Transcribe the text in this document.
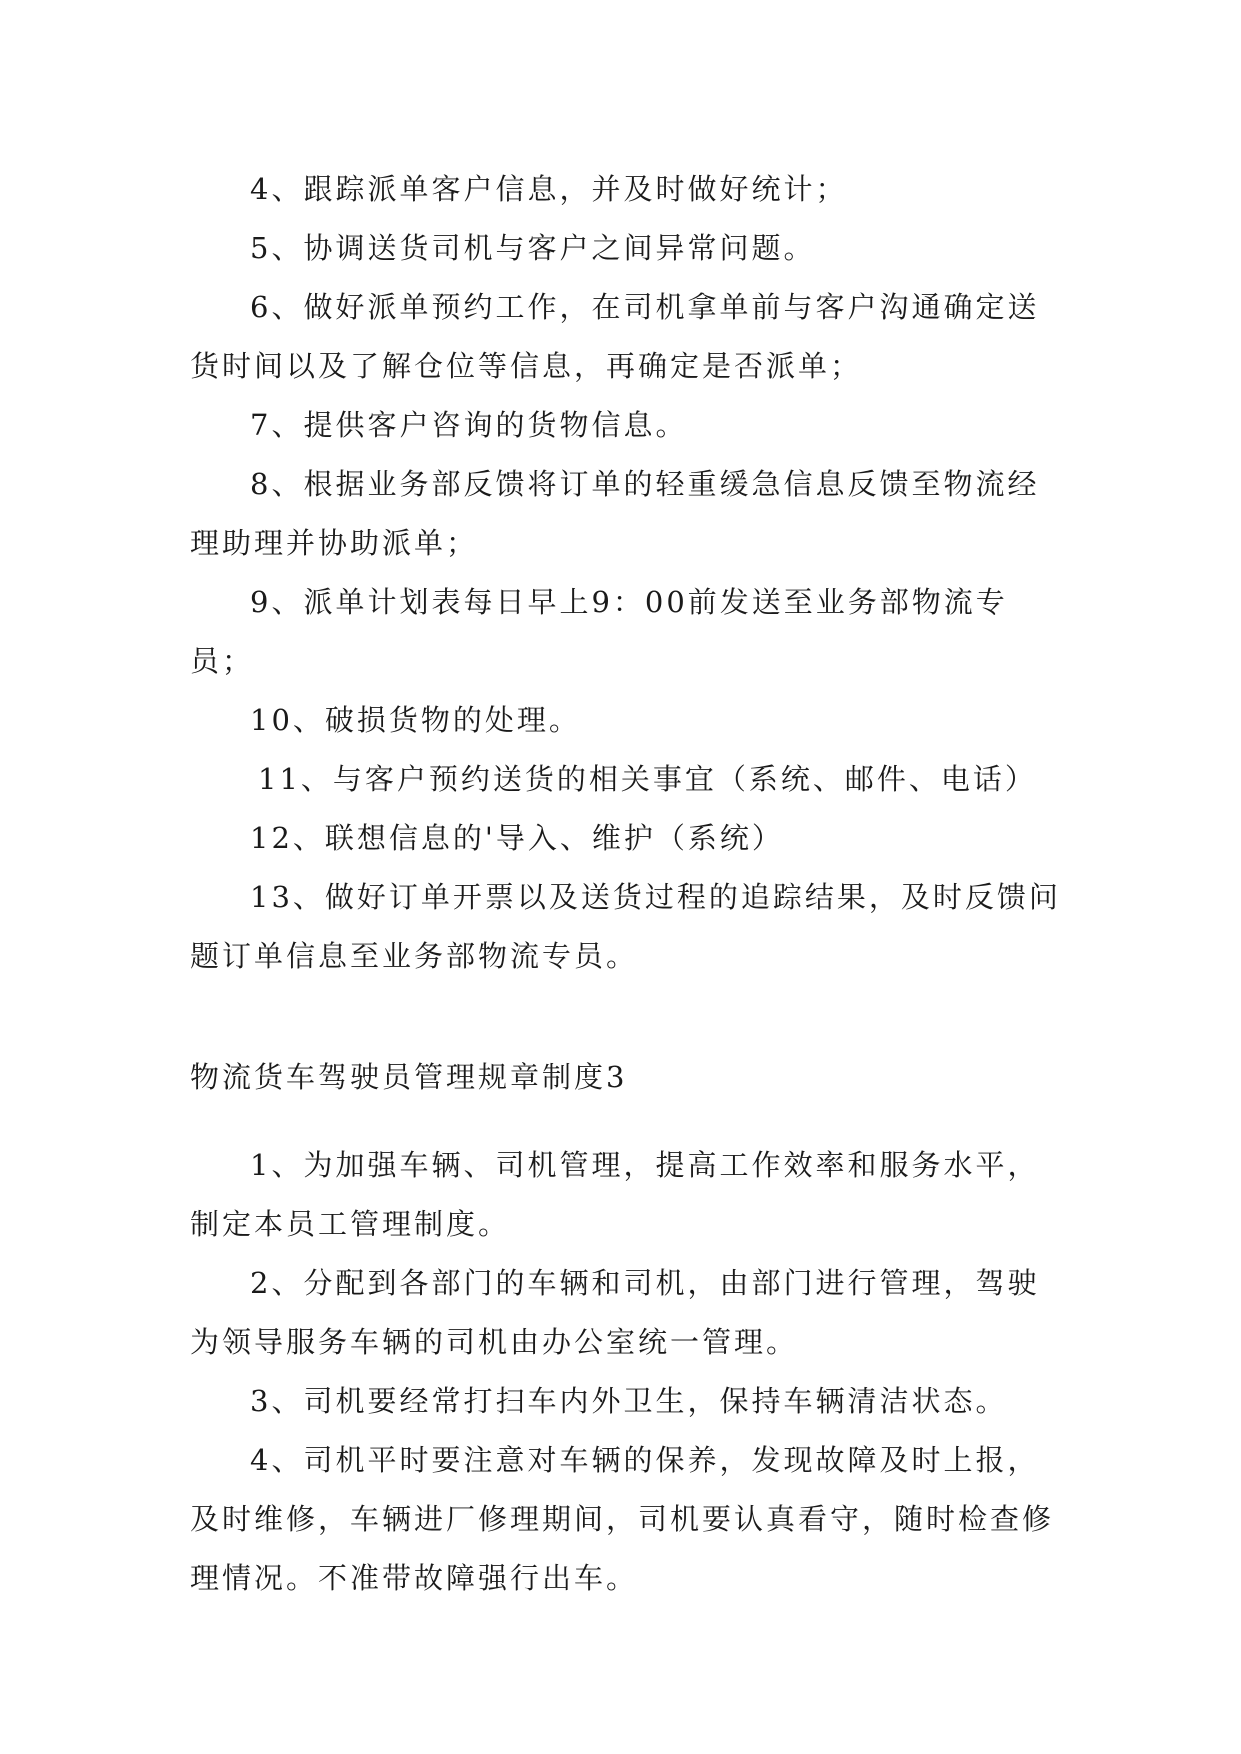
4、跟踪派单客户信息，并及时做好统计；

5、协调送货司机与客户之间异常问题。

6、做好派单预约工作，在司机拿单前与客户沟通确定送货时间以及了解仓位等信息，再确定是否派单；

7、提供客户咨询的货物信息。

8、根据业务部反馈将订单的轻重缓急信息反馈至物流经理助理并协助派单；

9、派单计划表每日早上9：00前发送至业务部物流专员；

10、破损货物的处理。

11、与客户预约送货的相关事宜（系统、邮件、电话）

12、联想信息的'导入、维护（系统）

13、做好订单开票以及送货过程的追踪结果，及时反馈问题订单信息至业务部物流专员。

物流货车驾驶员管理规章制度3

1、为加强车辆、司机管理，提高工作效率和服务水平，制定本员工管理制度。

2、分配到各部门的车辆和司机，由部门进行管理，驾驶为领导服务车辆的司机由办公室统一管理。

3、司机要经常打扫车内外卫生，保持车辆清洁状态。

4、司机平时要注意对车辆的保养，发现故障及时上报，及时维修，车辆进厂修理期间，司机要认真看守，随时检查修理情况。不准带故障强行出车。
